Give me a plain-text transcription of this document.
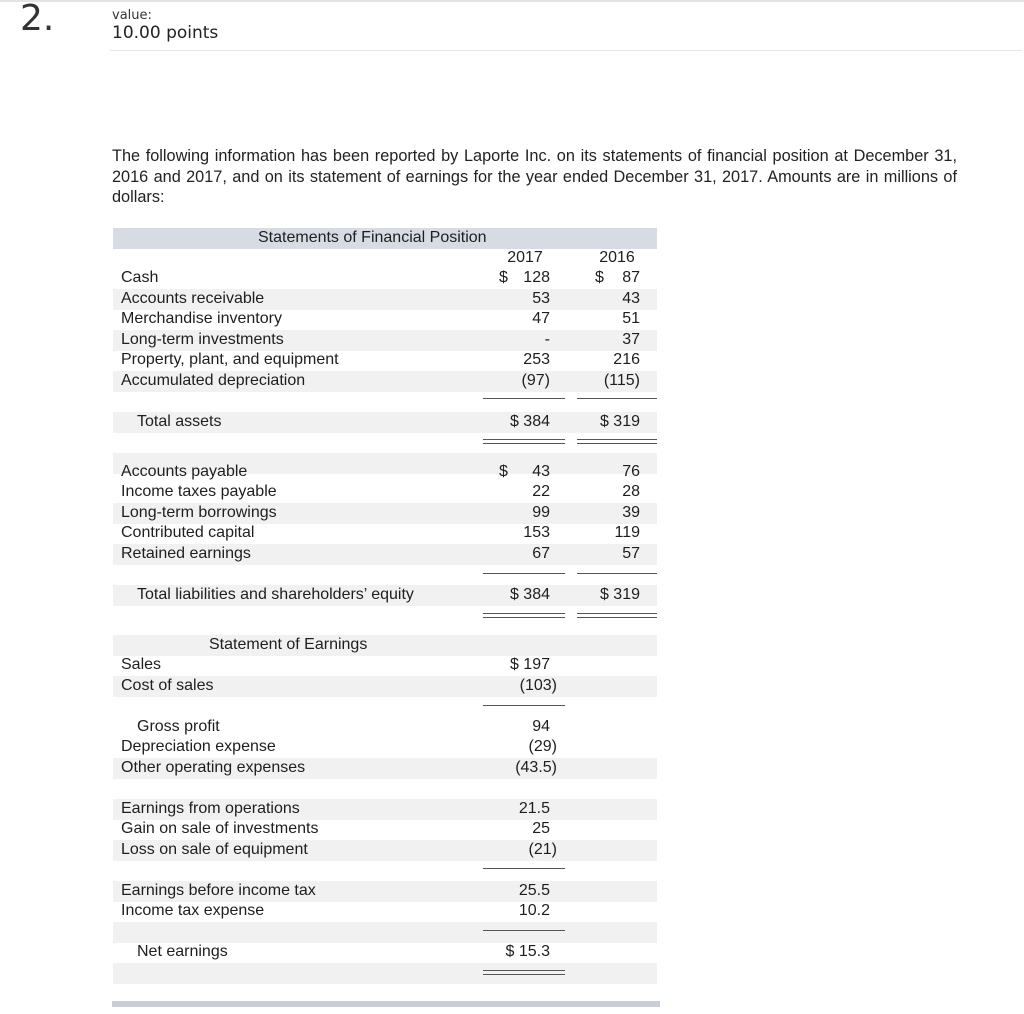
2.	value:
10.00 points

The following information has been reported by Laporte Inc. on its statements of financial position at December 31, 2016 and 2017, and on its statement of earnings for the year ended December 31, 2017. Amounts are in millions of dollars:

Statements of Financial Position
2017	2016
Cash	$ 128	$	87
Accounts receivable	53	43
Merchandise inventory	47	51
Long-term investments	-	37
Property, plant, and equipment	253	216
Accumulated depreciation	(97)	(115)
Total assets	$ 384	$ 319
Accounts payable	$	43	76
Income taxes payable	22	28
Long-term borrowings	99	39
Contributed capital	153	119
Retained earnings	67	57
Total liabilities and shareholders’ equity	$ 384	$ 319
Statement of Earnings
Sales	$ 197
Cost of sales	(103)
Gross profit	94
Depreciation expense	(29)
Other operating expenses	(43.5)
Earnings from operations	21.5
Gain on sale of investments	25
Loss on sale of equipment	(21)
Earnings before income tax	25.5
Income tax expense	10.2
Net earnings	$ 15.3
